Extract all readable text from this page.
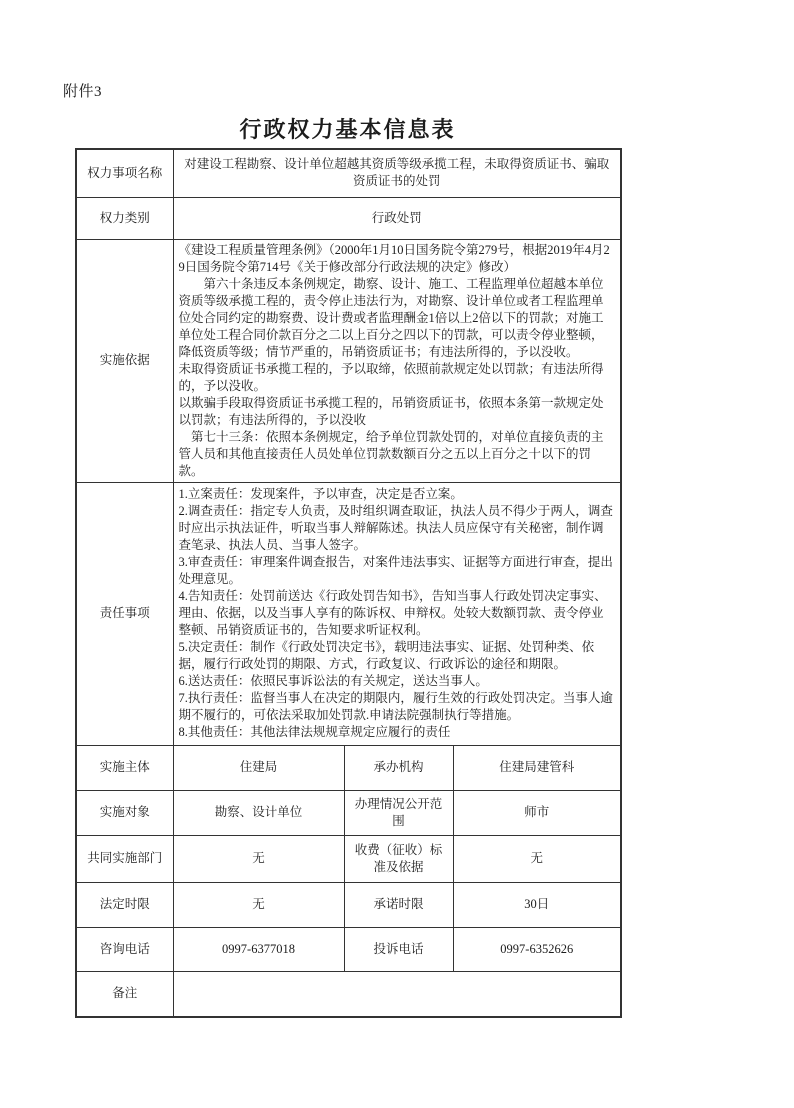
附件3
行政权力基本信息表
权力事项名称	对建设工程勘察、设计单位超越其资质等级承揽工程，未取得资质证书、骗取资质证书的处罚		
权力类别	行政处罚		
实施依据	《建设工程质量管理条例》（2000年1月10日国务院令第279号，根据2019年4月29日国务院令第714号《关于修改部分行政法规的决定》修改）
　　第六十条违反本条例规定，勘察、设计、施工、工程监理单位超越本单位资质等级承揽工程的，责令停止违法行为，对勘察、设计单位或者工程监理单位处合同约定的勘察费、设计费或者监理酬金1倍以上2倍以下的罚款；对施工单位处工程合同价款百分之二以上百分之四以下的罚款，可以责令停业整顿，降低资质等级；情节严重的，吊销资质证书；有违法所得的，予以没收。
未取得资质证书承揽工程的，予以取缔，依照前款规定处以罚款；有违法所得的，予以没收。
以欺骗手段取得资质证书承揽工程的，吊销资质证书，依照本条第一款规定处以罚款；有违法所得的，予以没收
　第七十三条：依照本条例规定，给予单位罚款处罚的，对单位直接负责的主管人员和其他直接责任人员处单位罚款数额百分之五以上百分之十以下的罚款。		

责任事项	
1.立案责任：发现案件，予以审查，决定是否立案。
2.调查责任：指定专人负责，及时组织调查取证，执法人员不得少于两人，调查时应出示执法证件，听取当事人辩解陈述。执法人员应保守有关秘密，制作调查笔录、执法人员、当事人签字。
3.审查责任：审理案件调查报告，对案件违法事实、证据等方面进行审查，提出处理意见。
4.告知责任：处罚前送达《行政处罚告知书》，告知当事人行政处罚决定事实、理由、依据，以及当事人享有的陈诉权、申辩权。处较大数额罚款、责令停业整顿、吊销资质证书的，告知要求听证权利。
5.决定责任：制作《行政处罚决定书》，载明违法事实、证据、处罚种类、依据，履行行政处罚的期限、方式，行政复议、行政诉讼的途径和期限。
6.送达责任：依照民事诉讼法的有关规定，送达当事人。
7.执行责任：监督当事人在决定的期限内，履行生效的行政处罚决定。当事人逾期不履行的，可依法采取加处罚款.申请法院强制执行等措施。
8.其他责任：其他法律法规规章规定应履行的责任

实施主体	住建局	承办机构	住建局建管科
实施对象	勘察、设计单位	办理情况公开范围	师市
共同实施部门	无	收费（征收）标准及依据	无
法定时限	无	承诺时限	30日
咨询电话	0997-6377018	投诉电话	0997-6352626
备注			
